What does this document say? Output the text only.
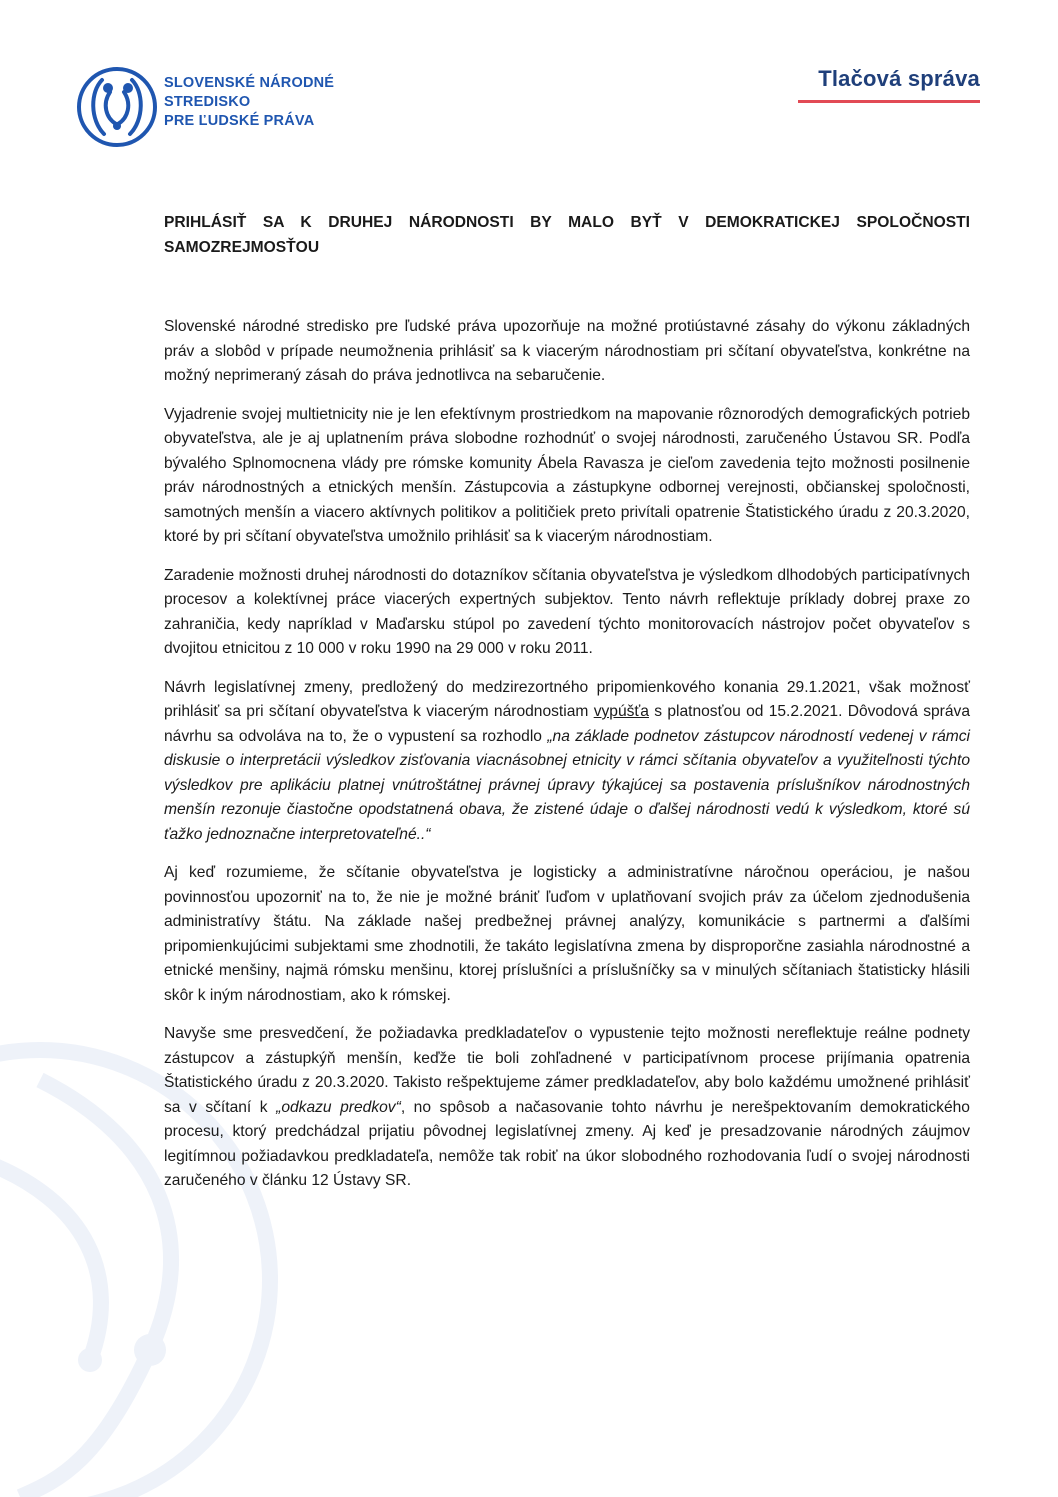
SLOVENSKÉ NÁRODNÉ
STREDISKO
PRE ĽUDSKÉ PRÁVA
Tlačová správa
PRIHLÁSIŤ SA K DRUHEJ NÁRODNOSTI BY MALO BYŤ V DEMOKRATICKEJ SPOLOČNOSTI SAMOZREJMOSŤOU

Slovenské národné stredisko pre ľudské práva upozorňuje na možné protiústavné zásahy do výkonu základných práv a slobôd v prípade neumožnenia prihlásiť sa k viacerým národnostiam pri sčítaní obyvateľstva, konkrétne na možný neprimeraný zásah do práva jednotlivca na sebaručenie.

Vyjadrenie svojej multietnicity nie je len efektívnym prostriedkom na mapovanie rôznorodých demografických potrieb obyvateľstva, ale je aj uplatnením práva slobodne rozhodnúť o svojej národnosti, zaručeného Ústavou SR. Podľa bývalého Splnomocnena vlády pre rómske komunity Ábela Ravasza je cieľom zavedenia tejto možnosti posilnenie práv národnostných a etnických menšín. Zástupcovia a zástupkyne odbornej verejnosti, občianskej spoločnosti, samotných menšín a viacero aktívnych politikov a političiek preto privítali opatrenie Štatistického úradu z 20.3.2020, ktoré by pri sčítaní obyvateľstva umožnilo prihlásiť sa k viacerým národnostiam.

Zaradenie možnosti druhej národnosti do dotazníkov sčítania obyvateľstva je výsledkom dlhodobých participatívnych procesov a kolektívnej práce viacerých expertných subjektov. Tento návrh reflektuje príklady dobrej praxe zo zahraničia, kedy napríklad v Maďarsku stúpol po zavedení týchto monitorovacích nástrojov počet obyvateľov s dvojitou etnicitou z 10 000 v roku 1990 na 29 000 v roku 2011.

Návrh legislatívnej zmeny, predložený do medzirezortného pripomienkového konania 29.1.2021, však možnosť prihlásiť sa pri sčítaní obyvateľstva k viacerým národnostiam vypúšťa s platnosťou od 15.2.2021. Dôvodová správa návrhu sa odvoláva na to, že o vypustení sa rozhodlo „na základe podnetov zástupcov národností vedenej v rámci diskusie o interpretácii výsledkov zisťovania viacnásobnej etnicity v rámci sčítania obyvateľov a využiteľnosti týchto výsledkov pre aplikáciu platnej vnútroštátnej právnej úpravy týkajúcej sa postavenia príslušníkov národnostných menšín rezonuje čiastočne opodstatnená obava, že zistené údaje o ďalšej národnosti vedú k výsledkom, ktoré sú ťažko jednoznačne interpretovateľné..“

Aj keď rozumieme, že sčítanie obyvateľstva je logisticky a administratívne náročnou operáciou, je našou povinnosťou upozorniť na to, že nie je možné brániť ľuďom v uplatňovaní svojich práv za účelom zjednodušenia administratívy štátu. Na základe našej predbežnej právnej analýzy, komunikácie s partnermi a ďalšími pripomienkujúcimi subjektami sme zhodnotili, že takáto legislatívna zmena by disproporčne zasiahla národnostné a etnické menšiny, najmä rómsku menšinu, ktorej príslušníci a príslušníčky sa v minulých sčítaniach štatisticky hlásili skôr k iným národnostiam, ako k rómskej.

Navyše sme presvedčení, že požiadavka predkladateľov o vypustenie tejto možnosti nereflektuje reálne podnety zástupcov a zástupkýň menšín, keďže tie boli zohľadnené v participatívnom procese prijímania opatrenia Štatistického úradu z 20.3.2020. Takisto rešpektujeme zámer predkladateľov, aby bolo každému umožnené prihlásiť sa v sčítaní k „odkazu predkov“, no spôsob a načasovanie tohto návrhu je nerešpektovaním demokratického procesu, ktorý predchádzal prijatiu pôvodnej legislatívnej zmeny. Aj keď je presadzovanie národných záujmov legitímnou požiadavkou predkladateľa, nemôže tak robiť na úkor slobodného rozhodovania ľudí o svojej národnosti zaručeného v článku 12 Ústavy SR.
